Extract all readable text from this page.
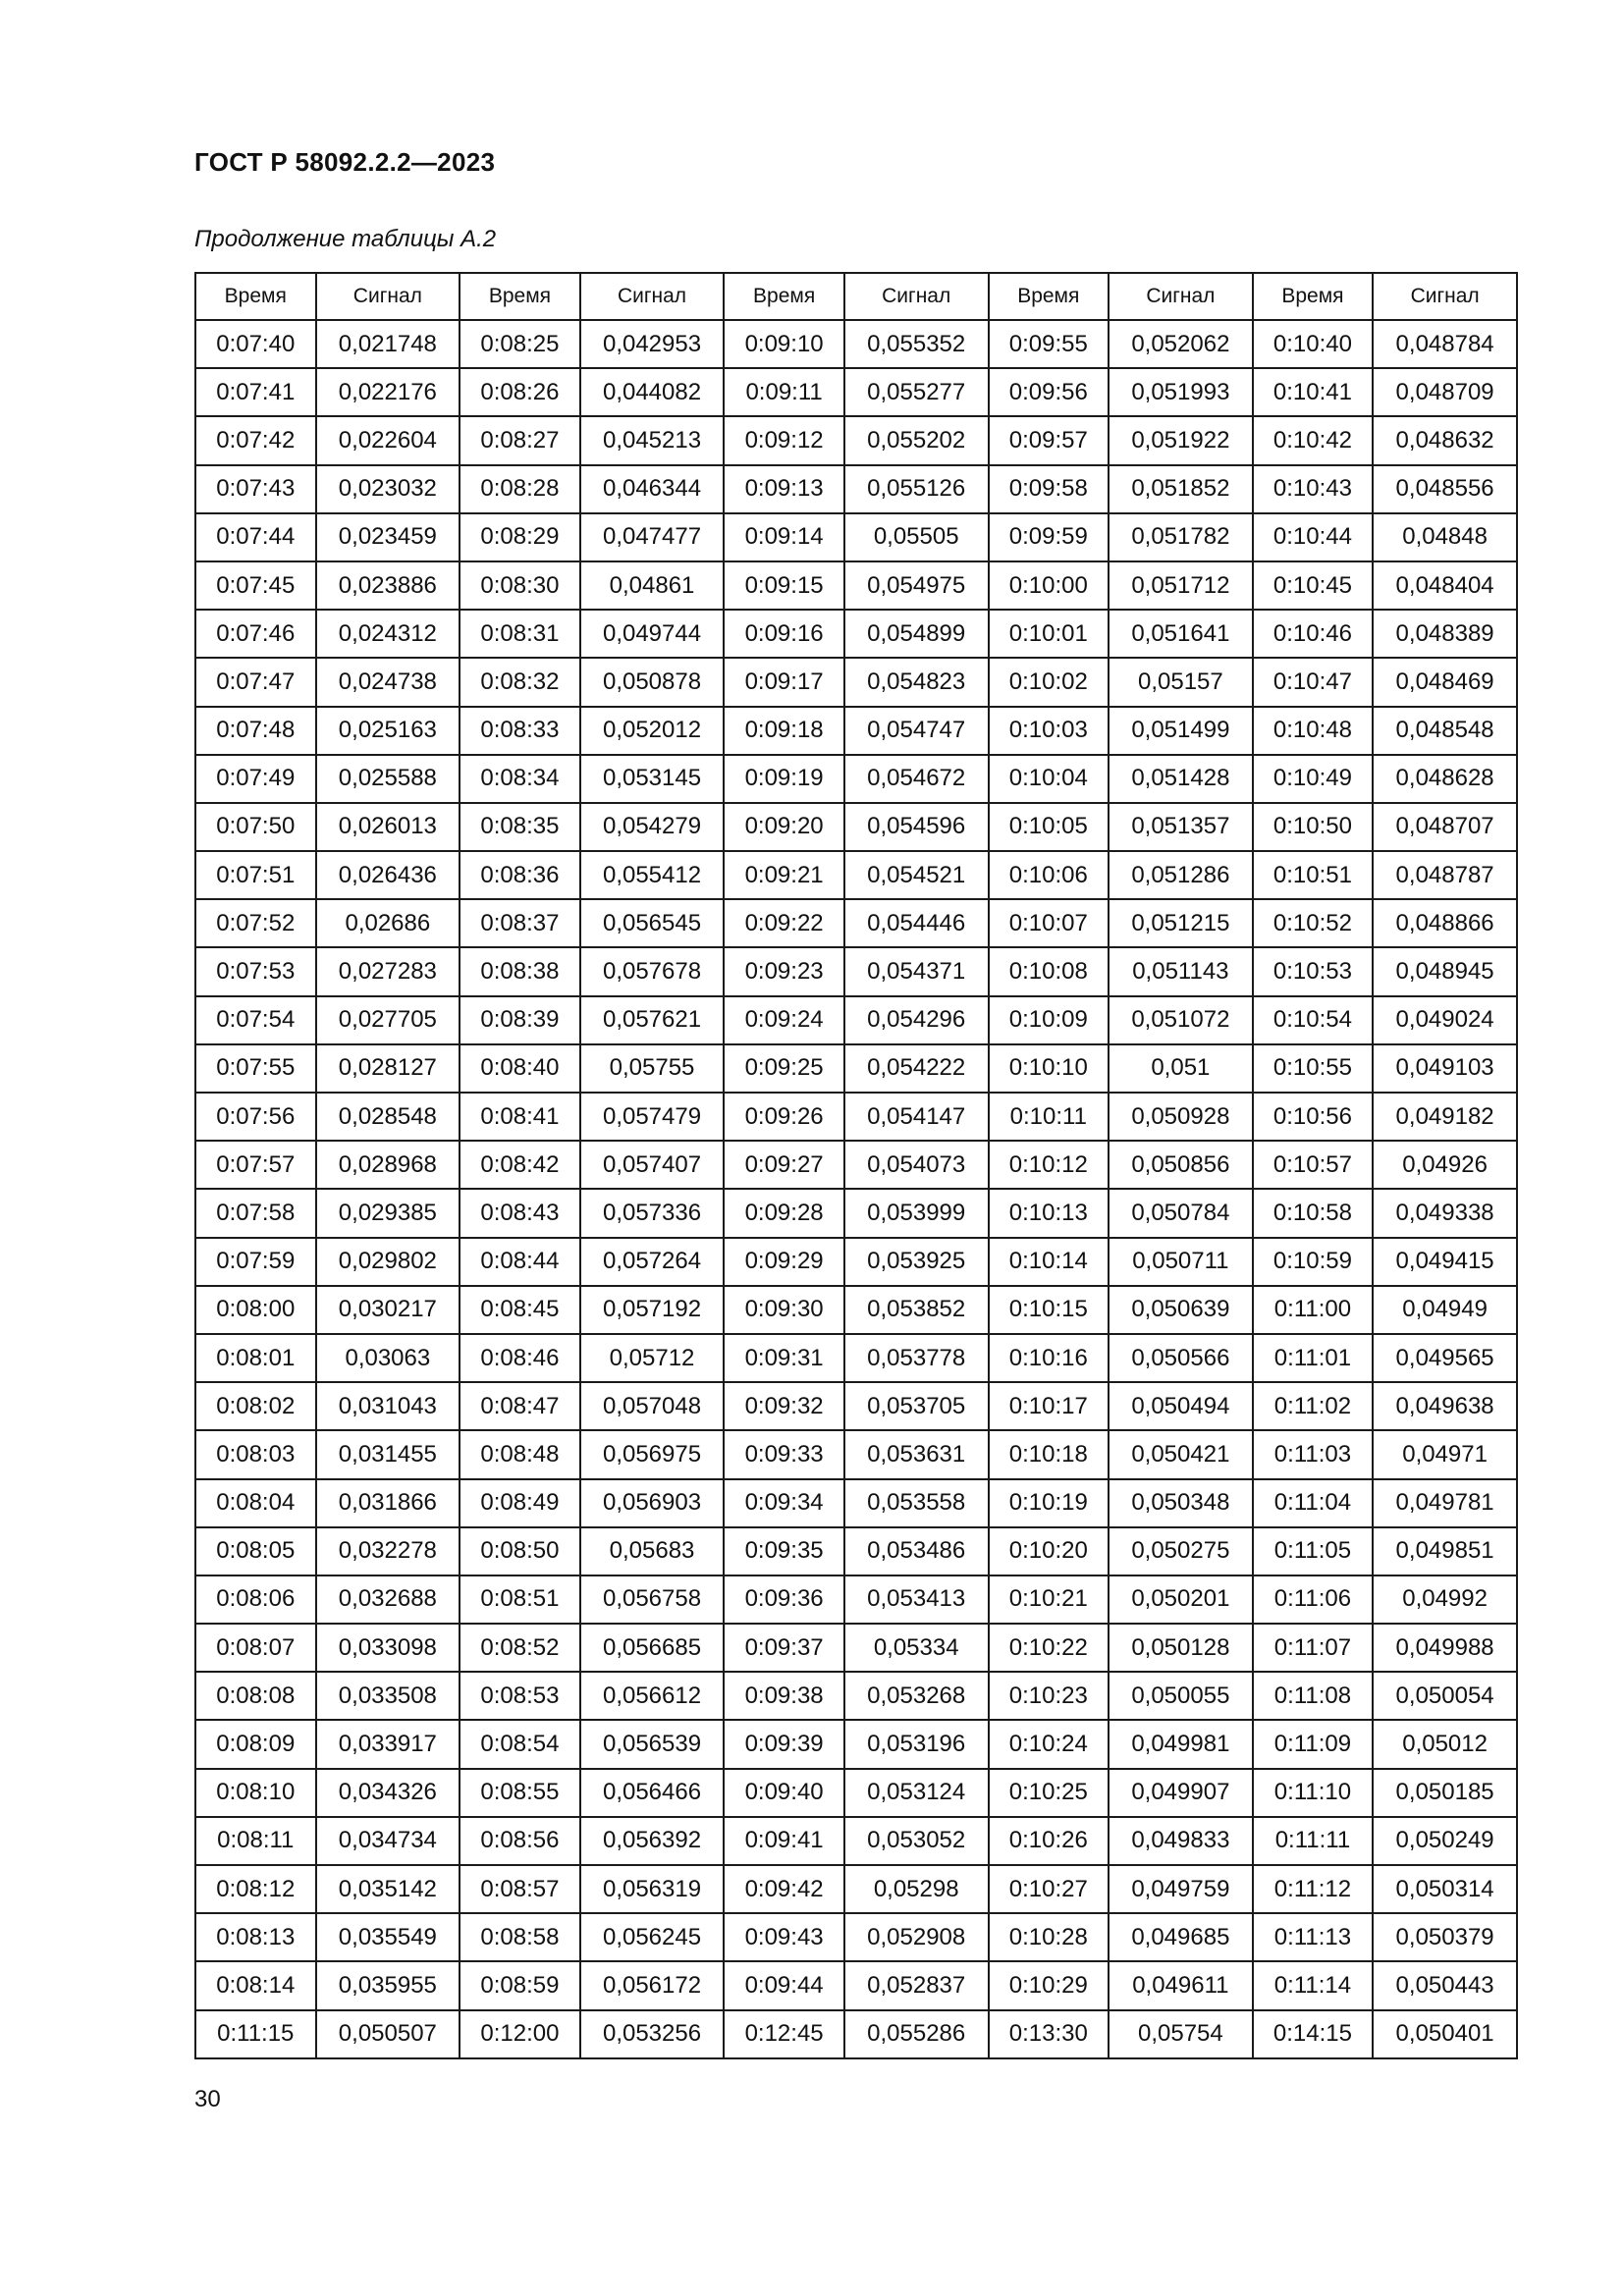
ГОСТ Р 58092.2.2—2023

Продолжение таблицы А.2

Время	Сигнал	Время	Сигнал	Время	Сигнал	Время	Сигнал	Время	Сигнал
0:07:40	0,021748	0:08:25	0,042953	0:09:10	0,055352	0:09:55	0,052062	0:10:40	0,048784
0:07:41	0,022176	0:08:26	0,044082	0:09:11	0,055277	0:09:56	0,051993	0:10:41	0,048709
0:07:42	0,022604	0:08:27	0,045213	0:09:12	0,055202	0:09:57	0,051922	0:10:42	0,048632
0:07:43	0,023032	0:08:28	0,046344	0:09:13	0,055126	0:09:58	0,051852	0:10:43	0,048556
0:07:44	0,023459	0:08:29	0,047477	0:09:14	0,05505	0:09:59	0,051782	0:10:44	0,04848
0:07:45	0,023886	0:08:30	0,04861	0:09:15	0,054975	0:10:00	0,051712	0:10:45	0,048404
0:07:46	0,024312	0:08:31	0,049744	0:09:16	0,054899	0:10:01	0,051641	0:10:46	0,048389
0:07:47	0,024738	0:08:32	0,050878	0:09:17	0,054823	0:10:02	0,05157	0:10:47	0,048469
0:07:48	0,025163	0:08:33	0,052012	0:09:18	0,054747	0:10:03	0,051499	0:10:48	0,048548
0:07:49	0,025588	0:08:34	0,053145	0:09:19	0,054672	0:10:04	0,051428	0:10:49	0,048628
0:07:50	0,026013	0:08:35	0,054279	0:09:20	0,054596	0:10:05	0,051357	0:10:50	0,048707
0:07:51	0,026436	0:08:36	0,055412	0:09:21	0,054521	0:10:06	0,051286	0:10:51	0,048787
0:07:52	0,02686	0:08:37	0,056545	0:09:22	0,054446	0:10:07	0,051215	0:10:52	0,048866
0:07:53	0,027283	0:08:38	0,057678	0:09:23	0,054371	0:10:08	0,051143	0:10:53	0,048945
0:07:54	0,027705	0:08:39	0,057621	0:09:24	0,054296	0:10:09	0,051072	0:10:54	0,049024
0:07:55	0,028127	0:08:40	0,05755	0:09:25	0,054222	0:10:10	0,051	0:10:55	0,049103
0:07:56	0,028548	0:08:41	0,057479	0:09:26	0,054147	0:10:11	0,050928	0:10:56	0,049182
0:07:57	0,028968	0:08:42	0,057407	0:09:27	0,054073	0:10:12	0,050856	0:10:57	0,04926
0:07:58	0,029385	0:08:43	0,057336	0:09:28	0,053999	0:10:13	0,050784	0:10:58	0,049338
0:07:59	0,029802	0:08:44	0,057264	0:09:29	0,053925	0:10:14	0,050711	0:10:59	0,049415
0:08:00	0,030217	0:08:45	0,057192	0:09:30	0,053852	0:10:15	0,050639	0:11:00	0,04949
0:08:01	0,03063	0:08:46	0,05712	0:09:31	0,053778	0:10:16	0,050566	0:11:01	0,049565
0:08:02	0,031043	0:08:47	0,057048	0:09:32	0,053705	0:10:17	0,050494	0:11:02	0,049638
0:08:03	0,031455	0:08:48	0,056975	0:09:33	0,053631	0:10:18	0,050421	0:11:03	0,04971
0:08:04	0,031866	0:08:49	0,056903	0:09:34	0,053558	0:10:19	0,050348	0:11:04	0,049781
0:08:05	0,032278	0:08:50	0,05683	0:09:35	0,053486	0:10:20	0,050275	0:11:05	0,049851
0:08:06	0,032688	0:08:51	0,056758	0:09:36	0,053413	0:10:21	0,050201	0:11:06	0,04992
0:08:07	0,033098	0:08:52	0,056685	0:09:37	0,05334	0:10:22	0,050128	0:11:07	0,049988
0:08:08	0,033508	0:08:53	0,056612	0:09:38	0,053268	0:10:23	0,050055	0:11:08	0,050054
0:08:09	0,033917	0:08:54	0,056539	0:09:39	0,053196	0:10:24	0,049981	0:11:09	0,05012
0:08:10	0,034326	0:08:55	0,056466	0:09:40	0,053124	0:10:25	0,049907	0:11:10	0,050185
0:08:11	0,034734	0:08:56	0,056392	0:09:41	0,053052	0:10:26	0,049833	0:11:11	0,050249
0:08:12	0,035142	0:08:57	0,056319	0:09:42	0,05298	0:10:27	0,049759	0:11:12	0,050314
0:08:13	0,035549	0:08:58	0,056245	0:09:43	0,052908	0:10:28	0,049685	0:11:13	0,050379
0:08:14	0,035955	0:08:59	0,056172	0:09:44	0,052837	0:10:29	0,049611	0:11:14	0,050443
0:11:15	0,050507	0:12:00	0,053256	0:12:45	0,055286	0:13:30	0,05754	0:14:15	0,050401

30
